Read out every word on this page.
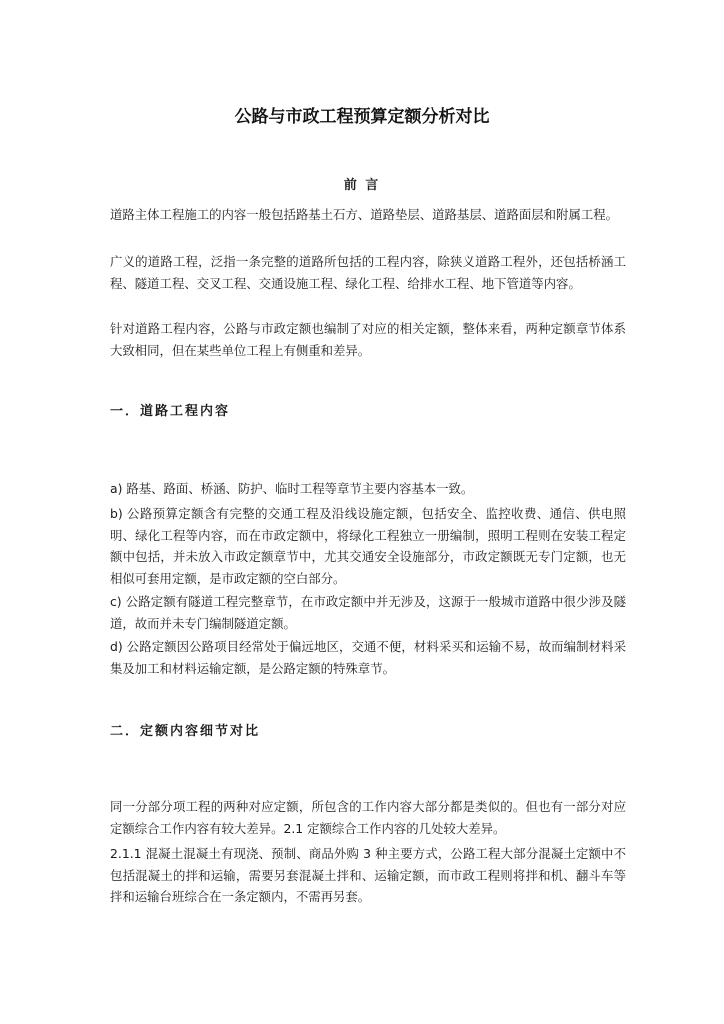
公路与市政工程预算定额分析对比
前 言

道路主体工程施工的内容一般包括路基土石方、道路垫层、道路基层、道路面层和附属工程。

广义的道路工程，泛指一条完整的道路所包括的工程内容，除狭义道路工程外，还包括桥涵工程、隧道工程、交叉工程、交通设施工程、绿化工程、给排水工程、地下管道等内容。

针对道路工程内容，公路与市政定额也编制了对应的相关定额，整体来看，两种定额章节体系大致相同，但在某些单位工程上有侧重和差异。

一．道路工程内容

a) 路基、路面、桥涵、防护、临时工程等章节主要内容基本一致。

b) 公路预算定额含有完整的交通工程及沿线设施定额，包括安全、监控收费、通信、供电照明、绿化工程等内容，而在市政定额中，将绿化工程独立一册编制，照明工程则在安装工程定额中包括，并未放入市政定额章节中，尤其交通安全设施部分，市政定额既无专门定额，也无相似可套用定额，是市政定额的空白部分。

c) 公路定额有隧道工程完整章节，在市政定额中并无涉及，这源于一般城市道路中很少涉及隧道，故而并未专门编制隧道定额。

d) 公路定额因公路项目经常处于偏远地区，交通不便，材料采买和运输不易，故而编制材料采集及加工和材料运输定额，是公路定额的特殊章节。

二．定额内容细节对比

同一分部分项工程的两种对应定额，所包含的工作内容大部分都是类似的。但也有一部分对应定额综合工作内容有较大差异。2.1 定额综合工作内容的几处较大差异。

2.1.1 混凝土混凝土有现浇、预制、商品外购 3 种主要方式，公路工程大部分混凝土定额中不包括混凝土的拌和运输，需要另套混凝土拌和、运输定额，而市政工程则将拌和机、翻斗车等拌和运输台班综合在一条定额内，不需再另套。
